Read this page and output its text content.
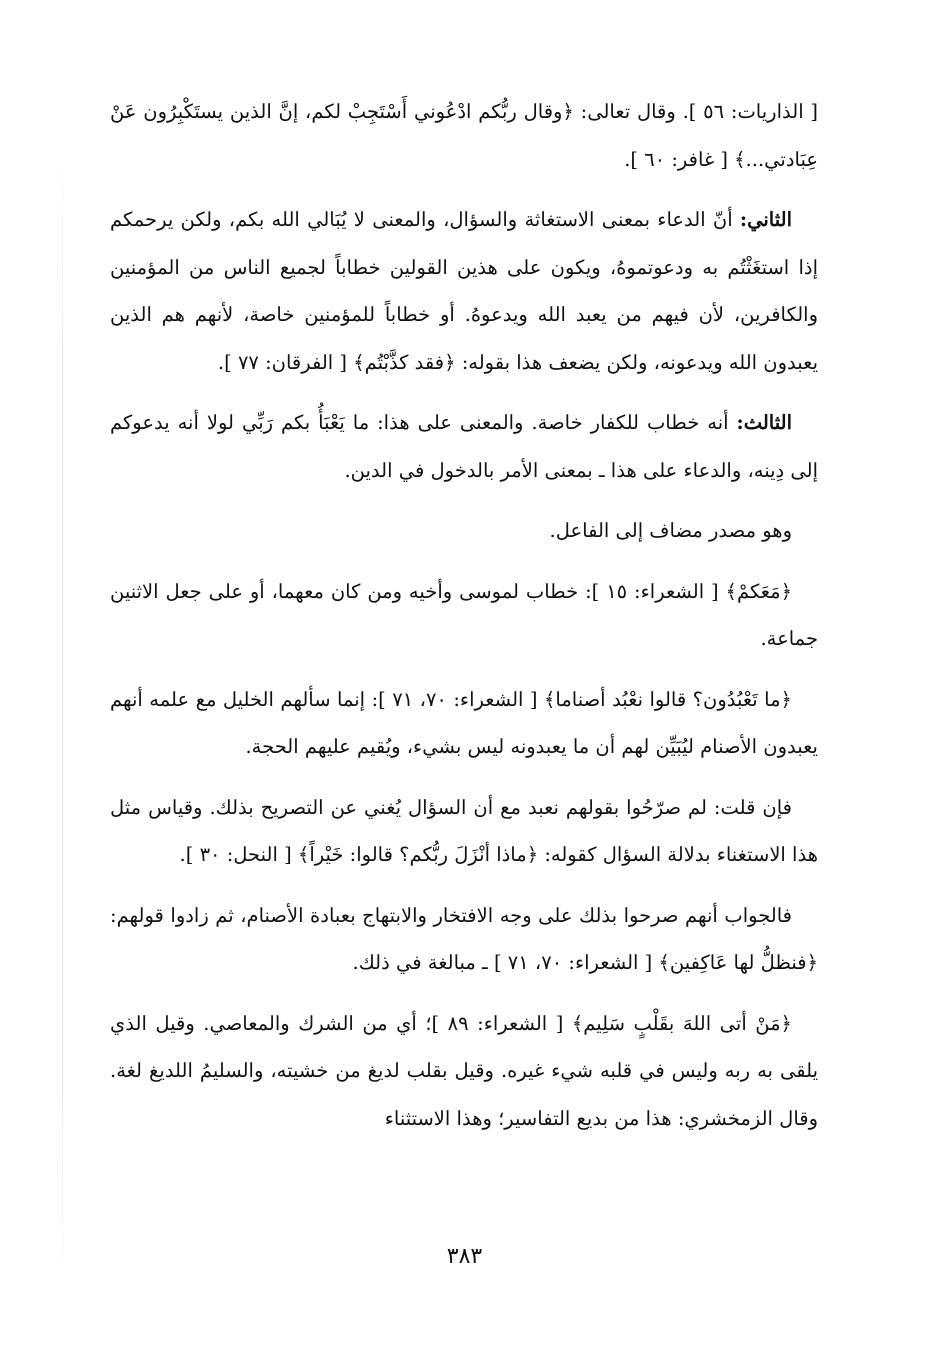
[ الذاريات: ٥٦ ]. وقال تعالى: ﴿وقال ربُّكم ادْعُوني أَسْتَجِبْ لكم، إنَّ الذين يستَكْبِرُون عَنْ عِبَادتي...﴾ [ غافر: ٦٠ ].

الثاني: أنّ الدعاء بمعنى الاستغاثة والسؤال، والمعنى لا يُبَالي الله بكم، ولكن يرحمكم إذا استغَثْتُم به ودعوتموهُ، ويكون على هذين القولين خطاباً لجميع الناس من المؤمنين والكافرين، لأن فيهم من يعبد الله ويدعوهُ. أو خطاباً للمؤمنين خاصة، لأنهم هم الذين يعبدون الله ويدعونه، ولكن يضعف هذا بقوله: ﴿فقد كذَّبْتُم﴾ [ الفرقان: ٧٧ ].

الثالث: أنه خطاب للكفار خاصة. والمعنى على هذا: ما يَعْبَأُ بكم رَبِّي لولا أنه يدعوكم إلى دِينه، والدعاء على هذا ـ بمعنى الأمر بالدخول في الدين.

وهو مصدر مضاف إلى الفاعل.

﴿مَعَكمْ﴾ [ الشعراء: ١٥ ]: خطاب لموسى وأخيه ومن كان معهما، أو على جعل الاثنين جماعة.

﴿ما تَعْبُدُون؟ قالوا نعْبُد أصناما﴾ [ الشعراء: ٧٠، ٧١ ]: إنما سألهم الخليل مع علمه أنهم يعبدون الأصنام ليُبَيِّن لهم أن ما يعبدونه ليس بشيء، ويُقيم عليهم الحجة.

فإن قلت: لم صرّحُوا بقولهم نعبد مع أن السؤال يُغني عن التصريح بذلك. وقياس مثل هذا الاستغناء بدلالة السؤال كقوله: ﴿ماذا أنْزَلَ ربُّكم؟ قالوا: خَيْراً﴾ [ النحل: ٣٠ ].

فالجواب أنهم صرحوا بذلك على وجه الافتخار والابتهاج بعبادة الأصنام، ثم زادوا قولهم: ﴿فنظلُّ لها عَاكِفين﴾ [ الشعراء: ٧٠، ٧١ ] ـ مبالغة في ذلك.

﴿مَنْ أتى اللهَ بقَلْبٍ سَلِيم﴾ [ الشعراء: ٨٩ ]؛ أي من الشرك والمعاصي. وقيل الذي يلقى به ربه وليس في قلبه شيء غيره. وقيل بقلب لديغ من خشيته، والسليمُ اللديغ لغة. وقال الزمخشري: هذا من بديع التفاسير؛ وهذا الاستثناء

٣٨٣
